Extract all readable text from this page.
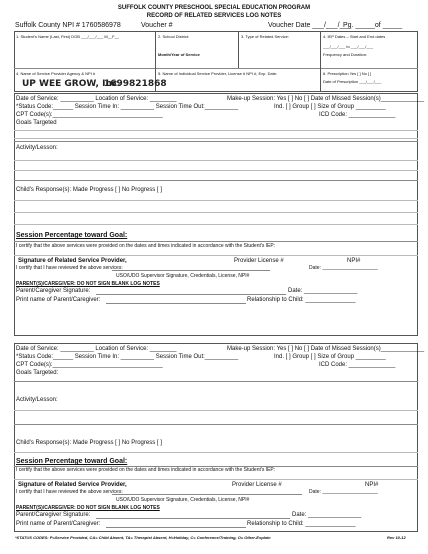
SUFFOLK COUNTY PRESCHOOL SPECIAL EDUCATION PROGRAM
RECORD OF RELATED SERVICES LOG NOTES
Suffolk County NPI # 1760586978	Voucher #	Voucher Date ___/___/___
Pg. _____of _____
1. Student's Name (Last, First) DOB ___/___/___ M__F__	2. School District:
Month/Year of Service
3. Type of Related Service:	4. IEP Dates – Start and End dates
___/___/___ to ___/___/___
Frequency and Duration:
4. Name of Service Provider Agency & NPI #
UP WEE GROW, Inc.
1699821868
5. Name of Individual Service Provider, License # NPI #, Exp. Date:	6. Prescription Yes [ ] No [ ]
Date of Prescription ___/___/___
Date of Service: __________ Location of Service: ________	Make-up Session: Yes [ ] No [ ] Date of Missed Session(s)_____________
*Status Code:______ Session Time In: __________ Session Time Out:__________	Ind. [ ] Group [ ] Size of Group _________
CPT Code(s):_________________________________	ICD Code: ______________
Goals Targeted
Activity/Lesson:
Child's Response(s): Made Progress [ ] No Progress [ ]
Session Percentage toward Goal:
I certify that the above services were provided on the dates and times indicated in accordance with the Student's IEP:
Signature of Related Service Provider,	Provider License #	NPI#
I certify that I have reviewed the above services:	Date: ____________________
USO/UDO Supervisor Signature, Credentials, License, NPI#
PARENT(S)/CAREGIVER: DO NOT SIGN BLANK LOG NOTES
Parent/Caregiver Signature:	Date: ________________
Print name of Parent/Caregiver:	Relationship to Child: _______________
Date of Service: __________ Location of Service: ________	Make-up Session: Yes [ ] No [ ] Date of Missed Session(s)_____________
*Status Code:______ Session Time In: __________ Session Time Out:__________	Ind. [ ] Group [ ] Size of Group _________
CPT Code(s):_________________________________	ICD Code: ______________
Goals Targeted:
Activity/Lesson:
Child's Response(s): Made Progress [ ] No Progress [ ]
Session Percentage toward Goal:
I certify that the above services were provided on the dates and times indicated in accordance with the Student's IEP:
Signature of Related Service Provider,	Provider License #	NPI#
I certify that I have reviewed the above services:	Date: ____________________
USO/UDO Supervisor Signature, Credentials, License, NPI#
PARENT(S)/CAREGIVER: DO NOT SIGN BLANK LOG NOTES
Parent/Caregiver Signature:	Date: ________________
Print name of Parent/Caregiver:	Relationship to Child: _______________
*STATUS CODES: P=Service Provided, CA= Child Absent, TA= Therapist Absent, H=Holiday, C= Conference/Training, O= Other-Explain	Rev 10-12
